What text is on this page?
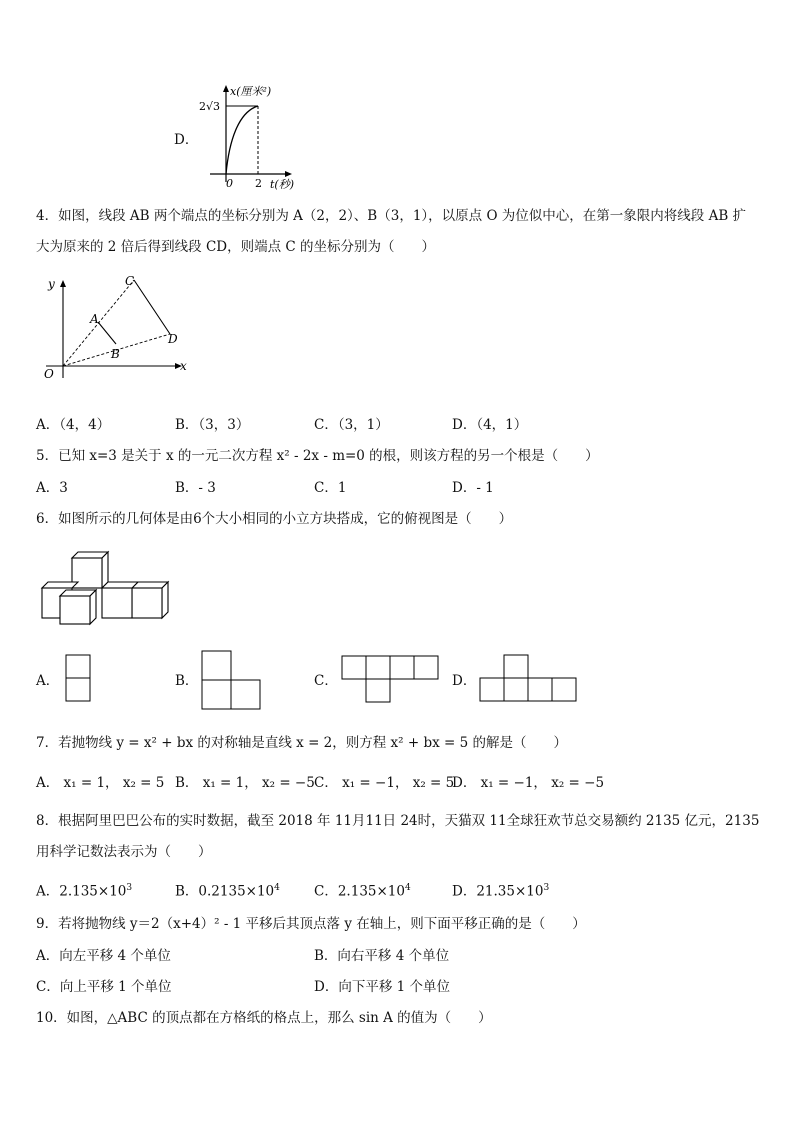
D．
x(厘米²)
2√3
0 2 t(秒)
4．如图，线段 AB 两个端点的坐标分别为 A（2，2）、B（3，1），以原点 O 为位似中心，在第一象限内将线段 AB 扩
大为原来的 2 倍后得到线段 CD，则端点 C 的坐标分别为（　　）
y
x
O
A
B
C
D
A．（4，4）	B．（3，3）	C．（3，1）	D．（4，1）
5．已知 x=3 是关于 x 的一元二次方程 x² - 2x - m=0 的根，则该方程的另一个根是（　　）
A．3	B．- 3	C．1	D．- 1
6．如图所示的几何体是由6个大小相同的小立方块搭成，它的俯视图是（　　）
A．	B．	C．	D．
7．若抛物线 y = x² + bx 的对称轴是直线 x = 2，则方程 x² + bx = 5 的解是（　　）
A． x₁ = 1， x₂ = 5 B． x₁ = 1， x₂ = −5 C． x₁ = −1， x₂ = 5
D． x₁ = −1， x₂ = −5
8．根据阿里巴巴公布的实时数据，截至 2018 年 11月11日 24时，天猫双 11全球狂欢节总交易额约 2135 亿元，2135
用科学记数法表示为（　　）
A．$2.135\times 10^3$	B．$0.2135\times 10^4$	C．$2.135\times 10^4$	D．$21.35\times 10^3$
9．若将抛物线 y＝2（x+4）² - 1 平移后其顶点落 y 在轴上，则下面平移正确的是（　　）
A．向左平移 4 个单位	B．向右平移 4 个单位
C．向上平移 1 个单位	D．向下平移 1 个单位
10．如图，△ABC 的顶点都在方格纸的格点上，那么 sin A 的值为（　　）
